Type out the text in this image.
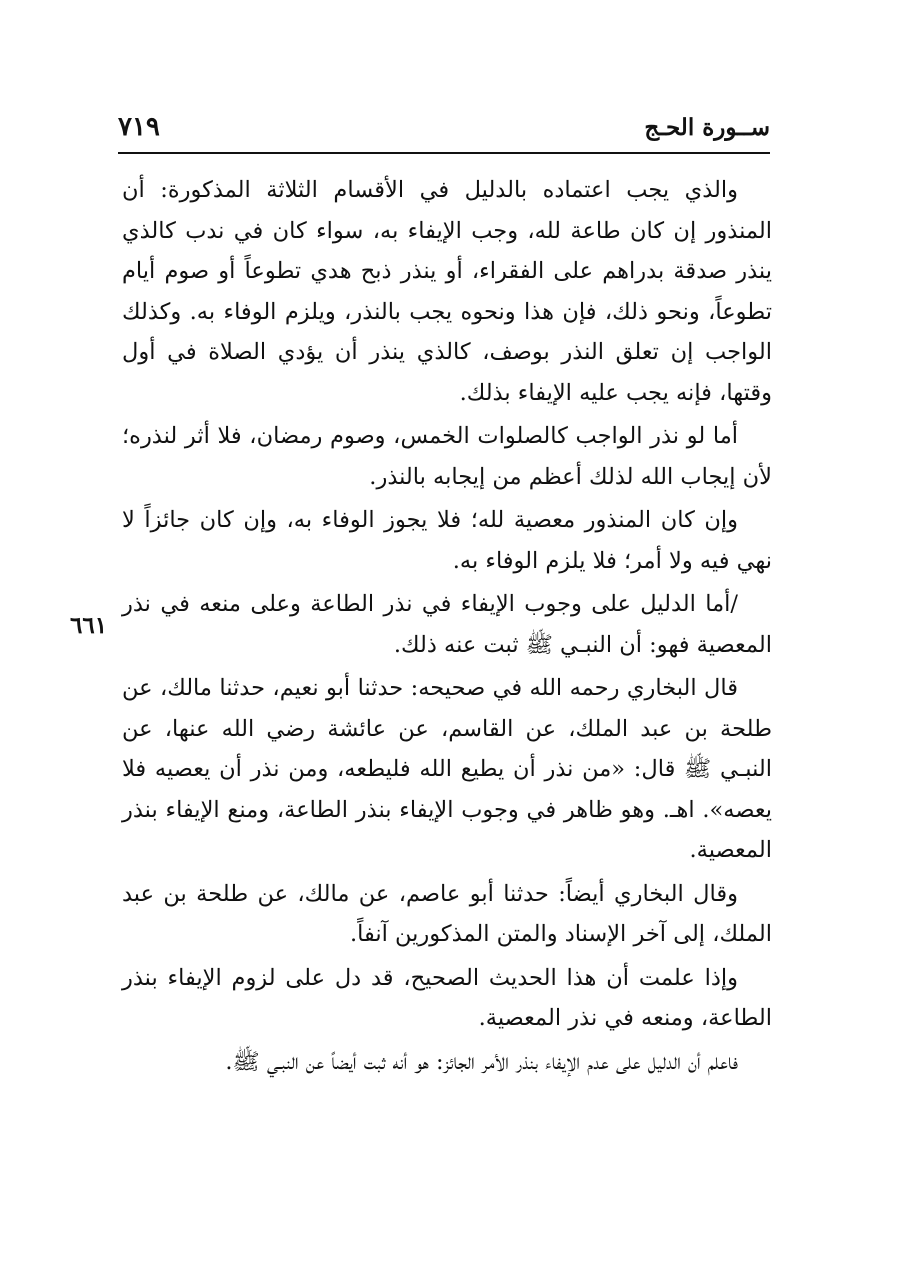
ســورة الحـج
٧١٩
٦٦١

والذي يجب اعتماده بالدليل في الأقسام الثلاثة المذكورة: أن المنذور إن كان طاعة لله، وجب الإيفاء به، سواء كان في ندب كالذي ينذر صدقة بدراهم على الفقراء، أو ينذر ذبح هدي تطوعاً أو صوم أيام تطوعاً، ونحو ذلك، فإن هذا ونحوه يجب بالنذر، ويلزم الوفاء به. وكذلك الواجب إن تعلق النذر بوصف، كالذي ينذر أن يؤدي الصلاة في أول وقتها، فإنه يجب عليه الإيفاء بذلك.

أما لو نذر الواجب كالصلوات الخمس، وصوم رمضان، فلا أثر لنذره؛ لأن إيجاب الله لذلك أعظم من إيجابه بالنذر.

وإن كان المنذور معصية لله؛ فلا يجوز الوفاء به، وإن كان جائزاً لا نهي فيه ولا أمر؛ فلا يلزم الوفاء به.

/أما الدليل على وجوب الإيفاء في نذر الطاعة وعلى منعه في نذر المعصية فهو: أن النبـي ﷺ ثبت عنه ذلك.

قال البخاري رحمه الله في صحيحه: حدثنا أبو نعيم، حدثنا مالك، عن طلحة بن عبد الملك، عن القاسم، عن عائشة رضي الله عنها، عن النبـي ﷺ قال: «من نذر أن يطيع الله فليطعه، ومن نذر أن يعصيه فلا يعصه». اهـ. وهو ظاهر في وجوب الإيفاء بنذر الطاعة، ومنع الإيفاء بنذر المعصية.

وقال البخاري أيضاً: حدثنا أبو عاصم، عن مالك، عن طلحة بن عبد الملك، إلى آخر الإسناد والمتن المذكورين آنفاً.

وإذا علمت أن هذا الحديث الصحيح، قد دل على لزوم الإيفاء بنذر الطاعة، ومنعه في نذر المعصية.

فاعلم أن الدليل على عدم الإيفاء بنذر الأمر الجائز: هو أنه ثبت أيضاً عن النبـي ﷺ.
